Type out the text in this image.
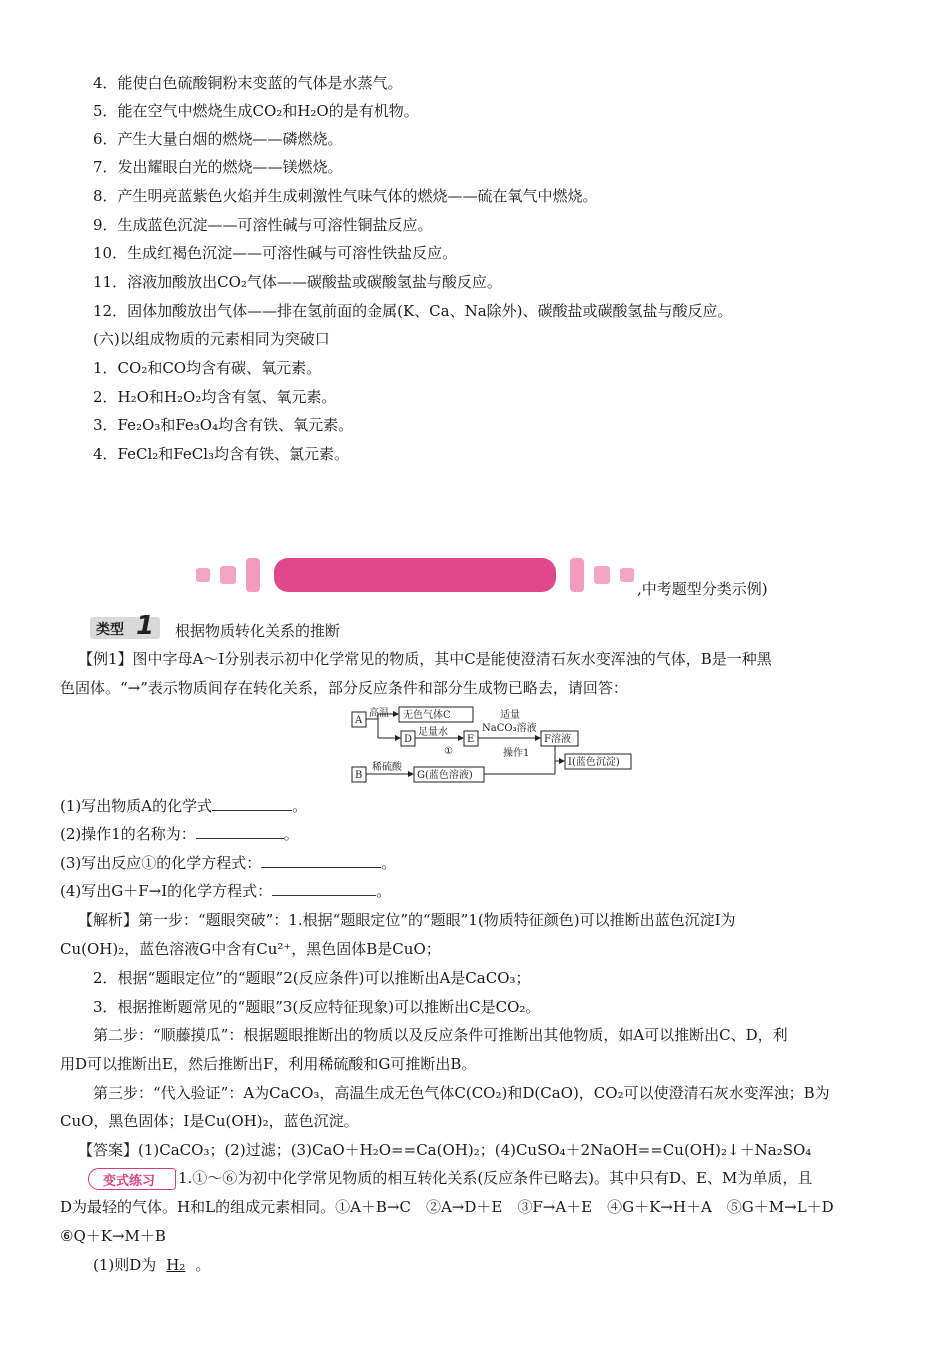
4．能使白色硫酸铜粉末变蓝的气体是水蒸气。
5．能在空气中燃烧生成CO₂和H₂O的是有机物。
6．产生大量白烟的燃烧——磷燃烧。
7．发出耀眼白光的燃烧——镁燃烧。
8．产生明亮蓝紫色火焰并生成刺激性气味气体的燃烧——硫在氧气中燃烧。
9．生成蓝色沉淀——可溶性碱与可溶性铜盐反应。
10．生成红褐色沉淀——可溶性碱与可溶性铁盐反应。
11．溶液加酸放出CO₂气体——碳酸盐或碳酸氢盐与酸反应。
12．固体加酸放出气体——排在氢前面的金属(K、Ca、Na除外)、碳酸盐或碳酸氢盐与酸反应。
(六)以组成物质的元素相同为突破口
1．CO₂和CO均含有碳、氧元素。
2．H₂O和H₂O₂均含有氢、氧元素。
3．Fe₂O₃和Fe₃O₄均含有铁、氧元素。
4．FeCl₂和FeCl₃均含有铁、氯元素。
,中考题型分类示例)
类型 1 根据物质转化关系的推断
【例1】图中字母A～I分别表示初中化学常见的物质，其中C是能使澄清石灰水变浑浊的气体，B是一种黑
色固体。“→”表示物质间存在转化关系，部分反应条件和部分生成物已略去，请回答：
A
高温 无色气体C
D
足量水
①
E
适量
NaCO₃溶液
操作1
F溶液
B
稀硫酸
G(蓝色溶液)
I(蓝色沉淀)
(1)写出物质A的化学式	。
(2)操作1的名称为：	。
(3)写出反应①的化学方程式：	。
(4)写出G＋F→I的化学方程式：	。
【解析】第一步：“题眼突破”：1.根据“题眼定位”的“题眼”1(物质特征颜色)可以推断出蓝色沉淀I为
Cu(OH)₂，蓝色溶液G中含有Cu²⁺，黑色固体B是CuO；
2．根据“题眼定位”的“题眼”2(反应条件)可以推断出A是CaCO₃；
3．根据推断题常见的“题眼”3(反应特征现象)可以推断出C是CO₂。
第二步：“顺藤摸瓜”：根据题眼推断出的物质以及反应条件可推断出其他物质，如A可以推断出C、D，利
用D可以推断出E，然后推断出F，利用稀硫酸和G可推断出B。
第三步：“代入验证”：A为CaCO₃，高温生成无色气体C(CO₂)和D(CaO)，CO₂可以使澄清石灰水变浑浊；B为
CuO，黑色固体；I是Cu(OH)₂，蓝色沉淀。
【答案】(1)CaCO₃；(2)过滤；(3)CaO＋H₂O==Ca(OH)₂；(4)CuSO₄＋2NaOH==Cu(OH)₂↓＋Na₂SO₄
变式练习 1.①～⑥为初中化学常见物质的相互转化关系(反应条件已略去)。其中只有D、E、M为单质，且
D为最轻的气体。H和L的组成元素相同。①A＋B→C　②A→D＋E　③F→A＋E　④G＋K→H＋A　⑤G＋M→L＋D
⑥Q＋K→M＋B
(1)则D为 H₂ 。
